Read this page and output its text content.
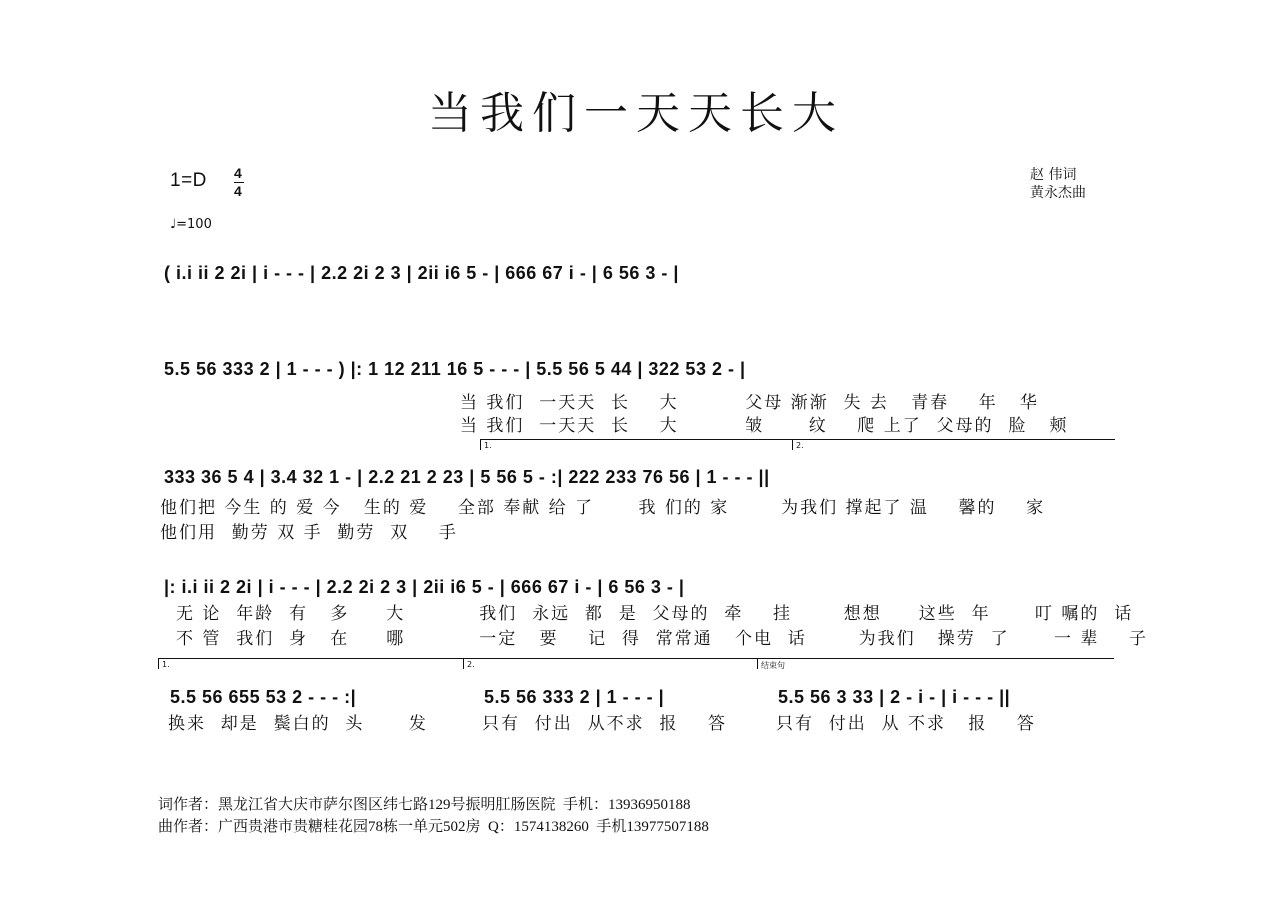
当我们一天天长大
1=D 4
4
♩=100
赵 伟词
黄永杰曲
( i.i ii 2 2i | i - - - | 2.2 2i 2 3 | 2ii i6 5 - | 666 67 i - | 6 56 3 - |
5.5 56 333 2 | 1 - - - ) |: 1 12 211 16 5 - - - | 5.5 56 5 44 | 322 53 2 - |
当 我们  一天天  长    大         父母 渐渐  失 去   青春    年   华
当 我们  一天天  长    大         皱      纹    爬 上了  父母的  脸   颊
1.	2.
333 36 5 4 | 3.4 32 1 - | 2.2 21 2 23 | 5 56 5 - :| 222 233 76 56 | 1 - - - ||
他们把 今生 的 爱 今   生的 爱    全部 奉献 给 了      我 们的 家       为我们 撑起了 温    馨的    家
他们用  勤劳 双 手  勤劳  双    手
|: i.i ii 2 2i | i - - - | 2.2 2i 2 3 | 2ii i6 5 - | 666 67 i - | 6 56 3 - |
无 论  年龄  有   多     大          我们  永远  都  是  父母的  牵    挂       想想     这些  年      叮 嘱的  话
不 管  我们  身   在     哪          一定   要    记  得  常常通   个电  话       为我们   操劳  了      一 辈    子
1.	2.	结束句
5.5 56 655 53 2 - - - :|	5.5 56 333 2 | 1 - - - |	5.5 56 3 33 | 2 - i - | i - - - ||
换来  却是  鬓白的  头      发	只有  付出  从不求  报    答	只有  付出  从 不求   报    答
词作者：黑龙江省大庆市萨尔图区纬七路129号振明肛肠医院  手机：13936950188
曲作者：广西贵港市贵糖桂花园78栋一单元502房  Q：1574138260  手机13977507188
